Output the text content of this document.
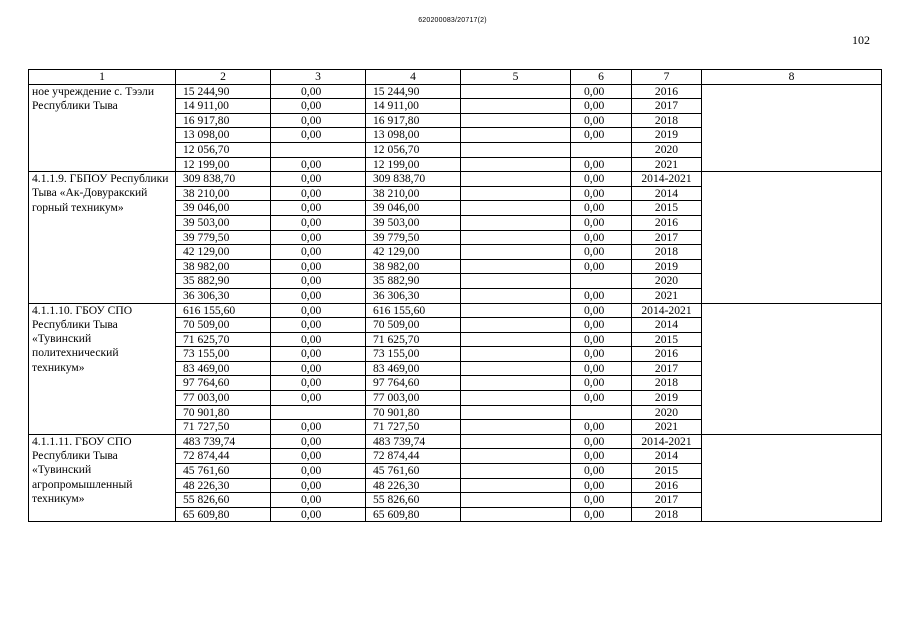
620200083/20717(2)
102
1	2	3	4	5	6	7	8
ное учреждение с. Тээли Республики Тыва	15 244,90	0,00	15 244,90		0,00	2016	
	14 911,00	0,00	14 911,00		0,00	2017	
	16 917,80	0,00	16 917,80		0,00	2018	
	13 098,00	0,00	13 098,00		0,00	2019	
	12 056,70		12 056,70			2020	
	12 199,00	0,00	12 199,00		0,00	2021	
4.1.1.9. ГБПОУ Республики Тыва «Ак-Довуракский горный техникум»	309 838,70	0,00	309 838,70		0,00	2014-2021	
	38 210,00	0,00	38 210,00		0,00	2014	
	39 046,00	0,00	39 046,00		0,00	2015	
	39 503,00	0,00	39 503,00		0,00	2016	
	39 779,50	0,00	39 779,50		0,00	2017	
	42 129,00	0,00	42 129,00		0,00	2018	
	38 982,00	0,00	38 982,00		0,00	2019	
	35 882,90	0,00	35 882,90			2020	
	36 306,30	0,00	36 306,30		0,00	2021	
4.1.1.10. ГБОУ СПО Республики Тыва «Тувинский политехнический техникум»	616 155,60	0,00	616 155,60		0,00	2014-2021	
	70 509,00	0,00	70 509,00		0,00	2014	
	71 625,70	0,00	71 625,70		0,00	2015	
	73 155,00	0,00	73 155,00		0,00	2016	
	83 469,00	0,00	83 469,00		0,00	2017	
	97 764,60	0,00	97 764,60		0,00	2018	
	77 003,00	0,00	77 003,00		0,00	2019	
	70 901,80		70 901,80			2020	
	71 727,50	0,00	71 727,50		0,00	2021	
4.1.1.11. ГБОУ СПО Республики Тыва «Тувинский агропромышленный техникум»	483 739,74	0,00	483 739,74		0,00	2014-2021	
	72 874,44	0,00	72 874,44		0,00	2014	
	45 761,60	0,00	45 761,60		0,00	2015	
	48 226,30	0,00	48 226,30		0,00	2016	
	55 826,60	0,00	55 826,60		0,00	2017	
	65 609,80	0,00	65 609,80		0,00	2018	
